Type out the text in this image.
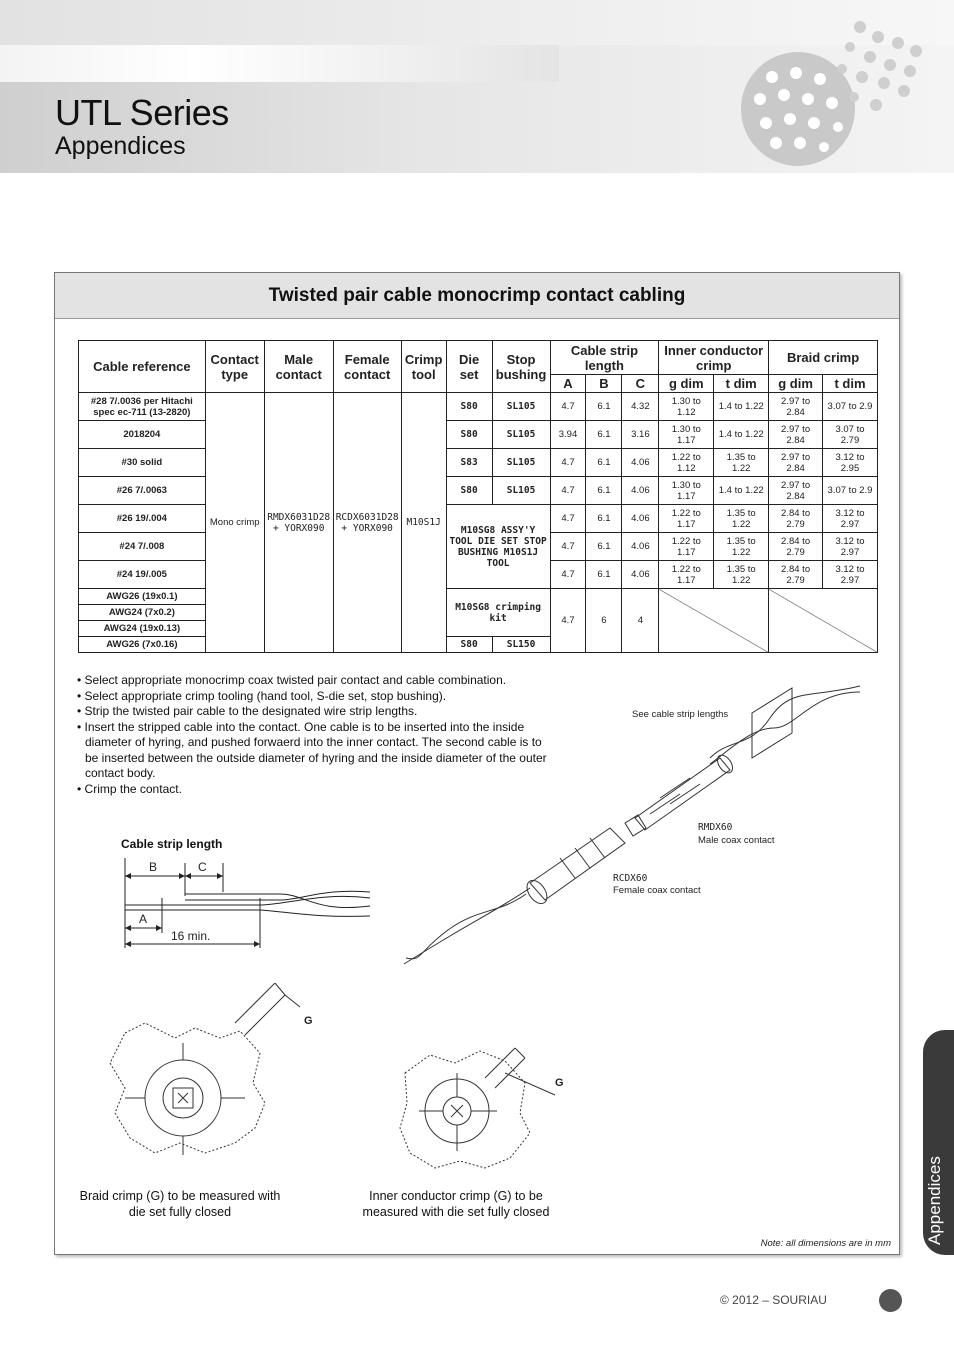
UTL Series
Appendices
Twisted pair cable monocrimp contact cabling
Cable reference	Contact type	Male contact	Female contact	Crimp tool	Die set	Stop bushing	Cable strip length			Inner conductor crimp		Braid crimp	
							A	B	C	g dim	t dim	g dim	t dim
#28 7/.0036 per Hitachi spec ec-711 (13-2820)	Mono crimp	RMDX6031D28 + YORX090	RCDX6031D28 + YORX090	M10S1J	S80	SL105	4.7	6.1	4.32	1.30 to 1.12	1.4 to 1.22	2.97 to 2.84	3.07 to 2.9
2018204					S80	SL105	3.94	6.1	3.16	1.30 to 1.17	1.4 to 1.22	2.97 to 2.84	3.07 to 2.79
#30 solid					S83	SL105	4.7	6.1	4.06	1.22 to 1.12	1.35 to 1.22	2.97 to 2.84	3.12 to 2.95
#26 7/.0063					S80	SL105	4.7	6.1	4.06	1.30 to 1.17	1.4 to 1.22	2.97 to 2.84	3.07 to 2.9
#26 19/.004					M10SG8 ASSY'Y TOOL DIE SET STOP BUSHING M10S1J TOOL		4.7	6.1	4.06	1.22 to 1.17	1.35 to 1.22	2.84 to 2.79	3.12 to 2.97
#24 7/.008							4.7	6.1	4.06	1.22 to 1.17	1.35 to 1.22	2.84 to 2.79	3.12 to 2.97
#24 19/.005							4.7	6.1	4.06	1.22 to 1.17	1.35 to 1.22	2.84 to 2.79	3.12 to 2.97
AWG26 (19x0.1)					M10SG8 crimping kit		4.7	6	4				
AWG24 (7x0.2)													
AWG24 (19x0.13)													
AWG26 (7x0.16)					S80	SL150							
• Select appropriate monocrimp coax twisted pair contact and cable combination.
• Select appropriate crimp tooling (hand tool, S-die set, stop bushing).
• Strip the twisted pair cable to the designated wire strip lengths.
• Insert the stripped cable into the contact. One cable is to be inserted into the inside diameter of hyring, and pushed forwaerd into the inner contact. The second cable is to be inserted between the outside diameter of hyring and the inside diameter of the outer contact body.
• Crimp the contact.
See cable strip lengths
RMDX60
Male coax contact
RCDX60
Female coax contact
Cable strip length
B	C
A
16 min.
G
G
Braid crimp (G) to be measured with die set fully closed
Inner conductor crimp (G) to be measured with die set fully closed
Note: all dimensions are in mm Appendices
© 2012 – SOURIAU
